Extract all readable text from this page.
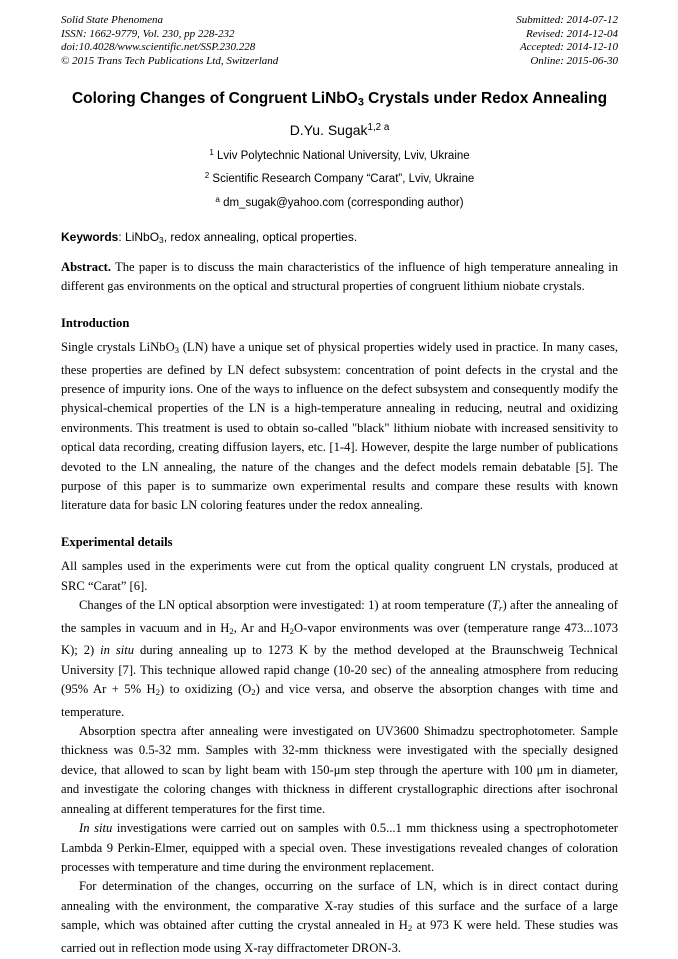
Solid State Phenomena
ISSN: 1662-9779, Vol. 230, pp 228-232
doi:10.4028/www.scientific.net/SSP.230.228
© 2015 Trans Tech Publications Ltd, Switzerland
Submitted: 2014-07-12
Revised: 2014-12-04
Accepted: 2014-12-10
Online: 2015-06-30
Coloring Changes of Congruent LiNbO3 Crystals under Redox Annealing
D.Yu. Sugak$^{1,2 a}$
$^1$ Lviv Polytechnic National University, Lviv, Ukraine
$^2$ Scientific Research Company “Carat”, Lviv, Ukraine
$^a$ dm_sugak@yahoo.com (corresponding author)

Keywords: LiNbO3, redox annealing, optical properties.

Abstract. The paper is to discuss the main characteristics of the influence of high temperature annealing in different gas environments on the optical and structural properties of congruent lithium niobate crystals.

Introduction

Single crystals LiNbO3 (LN) have a unique set of physical properties widely used in practice. In many cases, these properties are defined by LN defect subsystem: concentration of point defects in the crystal and the presence of impurity ions. One of the ways to influence on the defect subsystem and consequently modify the physical-chemical properties of the LN is a high-temperature annealing in reducing, neutral and oxidizing environments. This treatment is used to obtain so-called "black" lithium niobate with increased sensitivity to optical data recording, creating diffusion layers, etc. [1-4]. However, despite the large number of publications devoted to the LN annealing, the nature of the changes and the defect models remain debatable [5]. The purpose of this paper is to summarize own experimental results and compare these results with known literature data for basic LN coloring features under the redox annealing.

Experimental details

All samples used in the experiments were cut from the optical quality congruent LN crystals, produced at SRC “Carat” [6].

Changes of the LN optical absorption were investigated: 1) at room temperature (Tr) after the annealing of the samples in vacuum and in H2, Ar and H2O-vapor environments was over (temperature range 473...1073 K); 2) in situ during annealing up to 1273 K by the method developed at the Braunschweig Technical University [7]. This technique allowed rapid change (10-20 sec) of the annealing atmosphere from reducing (95% Ar + 5% H2) to oxidizing (O2) and vice versa, and observe the absorption changes with time and temperature.

Absorption spectra after annealing were investigated on UV3600 Shimadzu spectrophotometer. Sample thickness was 0.5-32 mm. Samples with 32-mm thickness were investigated with the specially designed device, that allowed to scan by light beam with 150-μm step through the aperture with 100 μm in diameter, and investigate the coloring changes with thickness in different crystallographic directions after isochronal annealing at different temperatures for the first time.

In situ investigations were carried out on samples with 0.5...1 mm thickness using a spectrophotometer Lambda 9 Perkin-Elmer, equipped with a special oven. These investigations revealed changes of coloration processes with temperature and time during the environment replacement.

For determination of the changes, occurring on the surface of LN, which is in direct contact during annealing with the environment, the comparative X-ray studies of this surface and the surface of a large sample, which was obtained after cutting the crystal annealed in H2 at 973 K were held. These studies was carried out in reflection mode using X-ray diffractometer DRON-3.
